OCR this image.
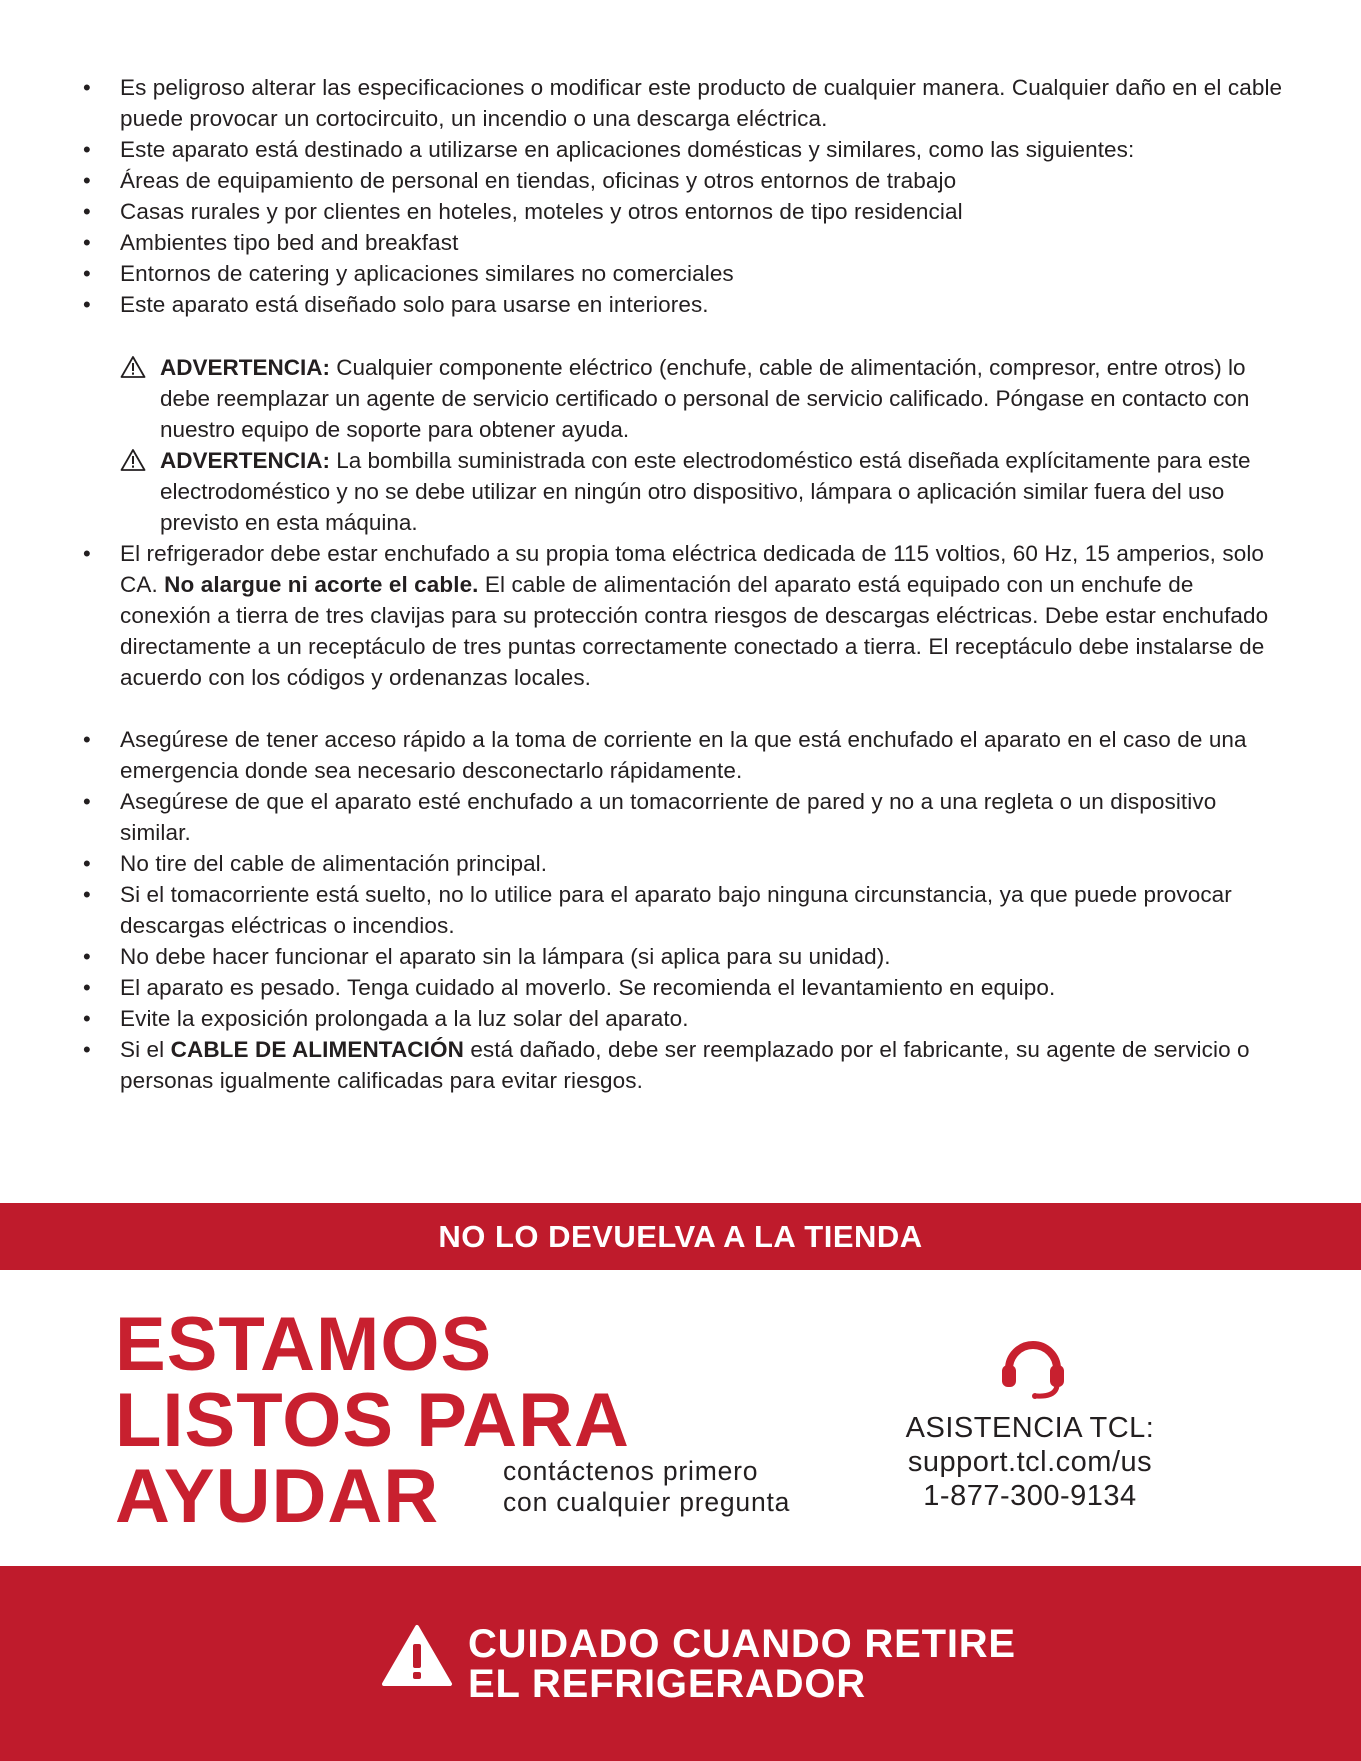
• Es peligroso alterar las especificaciones o modificar este producto de cualquier manera. Cualquier daño en el cable puede provocar un cortocircuito, un incendio o una descarga eléctrica.
• Este aparato está destinado a utilizarse en aplicaciones domésticas y similares, como las siguientes:
• Áreas de equipamiento de personal en tiendas, oficinas y otros entornos de trabajo
• Casas rurales y por clientes en hoteles, moteles y otros entornos de tipo residencial
• Ambientes tipo bed and breakfast
• Entornos de catering y aplicaciones similares no comerciales
• Este aparato está diseñado solo para usarse en interiores.
ADVERTENCIA: Cualquier componente eléctrico (enchufe, cable de alimentación, compresor, entre otros) lo debe reemplazar un agente de servicio certificado o personal de servicio calificado. Póngase en contacto con nuestro equipo de soporte para obtener ayuda.
ADVERTENCIA: La bombilla suministrada con este electrodoméstico está diseñada explícitamente para este electrodoméstico y no se debe utilizar en ningún otro dispositivo, lámpara o aplicación similar fuera del uso previsto en esta máquina.
• El refrigerador debe estar enchufado a su propia toma eléctrica dedicada de 115 voltios, 60 Hz, 15 amperios, solo CA. No alargue ni acorte el cable. El cable de alimentación del aparato está equipado con un enchufe de conexión a tierra de tres clavijas para su protección contra riesgos de descargas eléctricas. Debe estar enchufado directamente a un receptáculo de tres puntas correctamente conectado a tierra. El receptáculo debe instalarse de acuerdo con los códigos y ordenanzas locales.
• Asegúrese de tener acceso rápido a la toma de corriente en la que está enchufado el aparato en el caso de una emergencia donde sea necesario desconectarlo rápidamente.
• Asegúrese de que el aparato esté enchufado a un tomacorriente de pared y no a una regleta o un dispositivo similar.
• No tire del cable de alimentación principal.
• Si el tomacorriente está suelto, no lo utilice para el aparato bajo ninguna circunstancia, ya que puede provocar descargas eléctricas o incendios.
• No debe hacer funcionar el aparato sin la lámpara (si aplica para su unidad).
• El aparato es pesado. Tenga cuidado al moverlo. Se recomienda el levantamiento en equipo.
• Evite la exposición prolongada a la luz solar del aparato.
• Si el CABLE DE ALIMENTACIÓN está dañado, debe ser reemplazado por el fabricante, su agente de servicio o personas igualmente calificadas para evitar riesgos.
NO LO DEVUELVA A LA TIENDA
ESTAMOS
LISTOS PARA
AYUDAR contáctenos primero
con cualquier pregunta
ASISTENCIA TCL:
support.tcl.com/us
1-877-300-9134
CUIDADO CUANDO RETIRE
EL REFRIGERADOR
